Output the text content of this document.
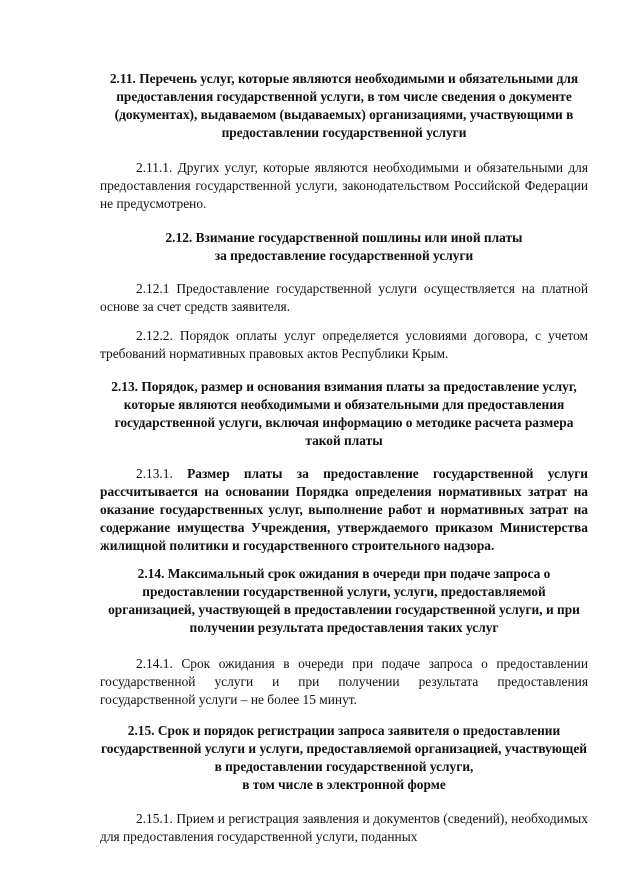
2.11. Перечень услуг, которые являются необходимыми и обязательными для предоставления государственной услуги, в том числе сведения о документе (документах), выдаваемом (выдаваемых) организациями, участвующими в предоставлении государственной услуги

2.11.1. Других услуг, которые являются необходимыми и обязательными для предоставления государственной услуги, законодательством Российской Федерации не предусмотрено.

2.12. Взимание государственной пошлины или иной платы
за предоставление государственной услуги

2.12.1 Предоставление государственной услуги осуществляется на платной основе за счет средств заявителя.

2.12.2. Порядок оплаты услуг определяется условиями договора, с учетом требований нормативных правовых актов Республики Крым.

2.13. Порядок, размер и основания взимания платы за предоставление услуг, которые являются необходимыми и обязательными для предоставления государственной услуги, включая информацию о методике расчета размера такой платы

2.13.1. Размер платы за предоставление государственной услуги рассчитывается на основании Порядка определения нормативных затрат на оказание государственных услуг, выполнение работ и нормативных затрат на содержание имущества Учреждения, утверждаемого приказом Министерства жилищной политики и государственного строительного надзора.

2.14. Максимальный срок ожидания в очереди при подаче запроса о предоставлении государственной услуги, услуги, предоставляемой организацией, участвующей в предоставлении государственной услуги, и при получении результата предоставления таких услуг

2.14.1. Срок ожидания в очереди при подаче запроса о предоставлении государственной услуги и при получении результата предоставления государственной услуги – не более 15 минут.

2.15. Срок и порядок регистрации запроса заявителя о предоставлении государственной услуги и услуги, предоставляемой организацией, участвующей в предоставлении государственной услуги,
в том числе в электронной форме

2.15.1. Прием и регистрация заявления и документов (сведений), необходимых для предоставления государственной услуги, поданных
